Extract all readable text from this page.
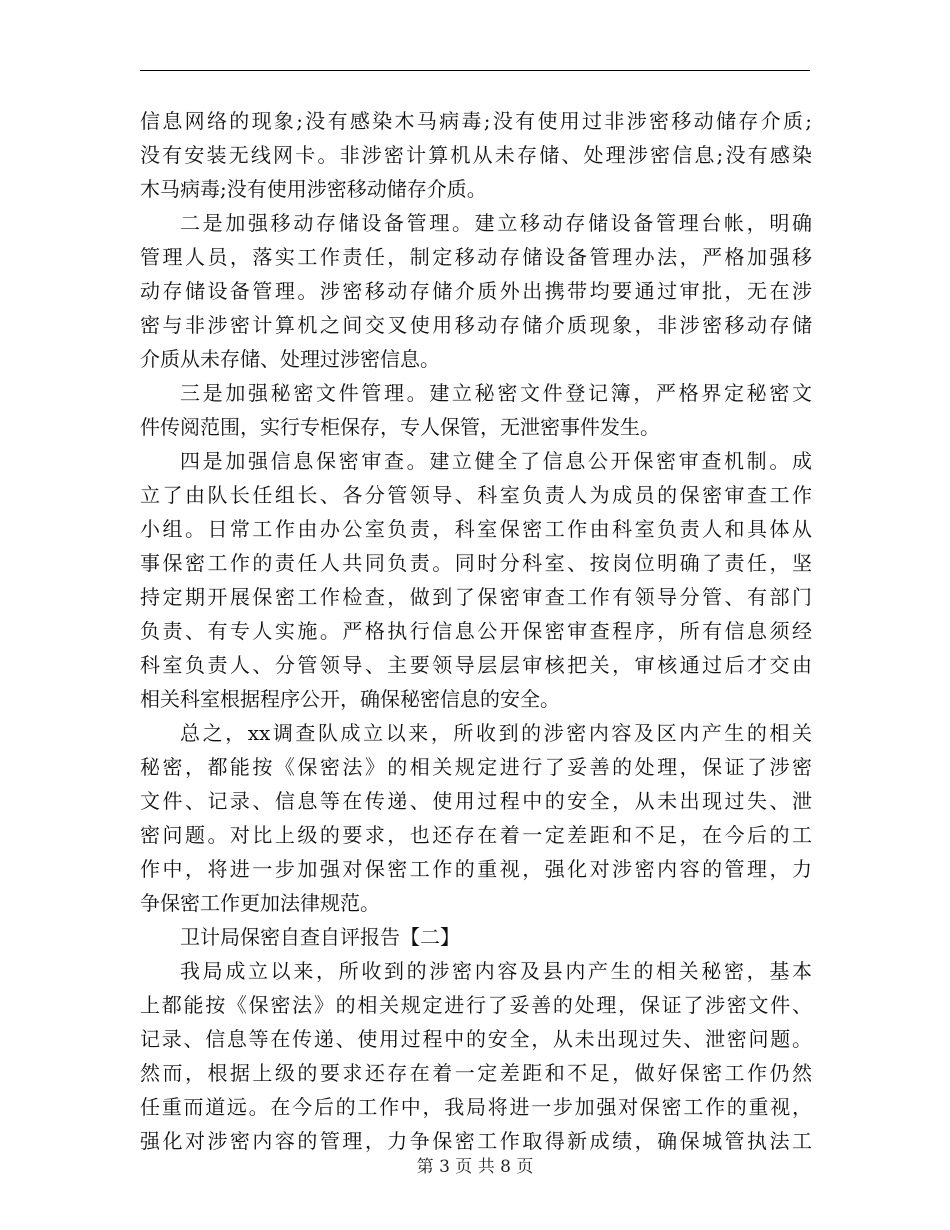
信息网络的现象;没有感染木马病毒;没有使用过非涉密移动储存介质;
没有安装无线网卡。非涉密计算机从未存储、处理涉密信息;没有感染
木马病毒;没有使用涉密移动储存介质。
二是加强移动存储设备管理。建立移动存储设备管理台帐，明确
管理人员，落实工作责任，制定移动存储设备管理办法，严格加强移
动存储设备管理。涉密移动存储介质外出携带均要通过审批，无在涉
密与非涉密计算机之间交叉使用移动存储介质现象，非涉密移动存储
介质从未存储、处理过涉密信息。
三是加强秘密文件管理。建立秘密文件登记簿，严格界定秘密文
件传阅范围，实行专柜保存，专人保管，无泄密事件发生。
四是加强信息保密审查。建立健全了信息公开保密审查机制。成
立了由队长任组长、各分管领导、科室负责人为成员的保密审查工作
小组。日常工作由办公室负责，科室保密工作由科室负责人和具体从
事保密工作的责任人共同负责。同时分科室、按岗位明确了责任，坚
持定期开展保密工作检查，做到了保密审查工作有领导分管、有部门
负责、有专人实施。严格执行信息公开保密审查程序，所有信息须经
科室负责人、分管领导、主要领导层层审核把关，审核通过后才交由
相关科室根据程序公开，确保秘密信息的安全。
总之，xx调查队成立以来，所收到的涉密内容及区内产生的相关
秘密，都能按《保密法》的相关规定进行了妥善的处理，保证了涉密
文件、记录、信息等在传递、使用过程中的安全，从未出现过失、泄
密问题。对比上级的要求，也还存在着一定差距和不足，在今后的工
作中，将进一步加强对保密工作的重视，强化对涉密内容的管理，力
争保密工作更加法律规范。
卫计局保密自查自评报告【二】
我局成立以来，所收到的涉密内容及县内产生的相关秘密，基本
上都能按《保密法》的相关规定进行了妥善的处理，保证了涉密文件、
记录、信息等在传递、使用过程中的安全，从未出现过失、泄密问题。
然而，根据上级的要求还存在着一定差距和不足，做好保密工作仍然
任重而道远。在今后的工作中，我局将进一步加强对保密工作的重视，
强化对涉密内容的管理，力争保密工作取得新成绩，确保城管执法工
第 3 页 共 8 页
